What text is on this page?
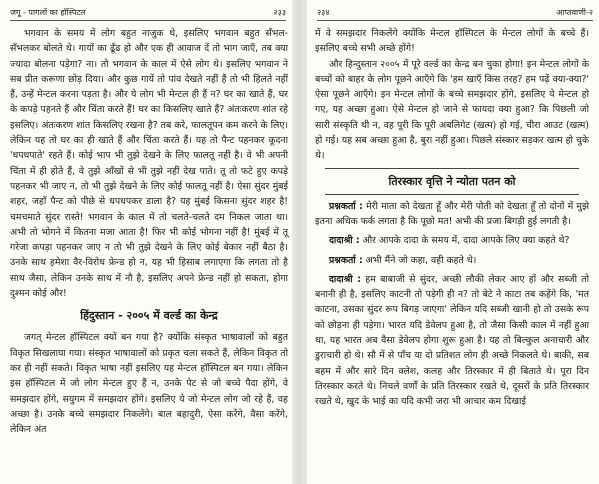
जगू - पागलों का हॉस्पिटल	२३३

भगवान के समय में लोग बहुत नाजुक थे, इसलिए भगवान बहुत सँभल-सँभलकर बोलते थे। गायों का ढूँढ हो और एक ही आवाज दें तो भाग जाएँ, तब क्या ज्यादा बोलना पड़ेगा? ना। तो भगवान के काल में ऐसे लोग थे। इसलिए भगवान ने सब प्रीत करूणा छोड़ दिया। और कुछ गायें तो पांव देखते नहीं हैं तो भी हिलते नहीं हैं, उन्हें मेन्टल करना पड़ता है। और ये लोग भी मेन्टल ही हैं न? घर का खाते हैं, घर के कपड़े पहनते हैं और चिंता करते हैं! घर का किसलिए खाते हैं? अंतःकरण शांत रहे इसलिए। अंतःकरण शांत किसलिए रखना है? तब करे, फालतूपन कम करने के लिए। लेकिन यह तो घर का ही खाते हैं और चिंता करते हैं। यह तो पैन्ट पहनकर कूदना 'धपधपाते' रहते हैं। कोई भाप भी तुझे देखने के लिए फालतू नहीं है। वे भी अपनी चिंता में ही होते हैं, वे तुझे आँखों से भी तुझे नहीं देख पाते। तू तो फटे हुए कपड़े पहनकर भी जाए न, तो भी तुझे देखने के लिए कोई फालतू नहीं है। ऐसा सुंदर मुंबई शहर, जहाँ पैन्ट को पीछे से धपधपकर डाला है? यह मुंबई किसना सुंदर शहर है! चमचमाते सुंदर रास्ते! भगवान के काल में तो चलते-चलते दम निकल जाता था। अभी तो भोगने में कितना मजा आता है! फिर भी कोई भोगना नहीं है! मुंबई में तू गरेजा कपड़ा पहनकर जाए न तो भी तुझे देखने के लिए कोई बेकार नहीं बैठा है। उनके साथ हमेशा वैर-विरोध फ्रेन्ड हो न, यह भी हिसाब लगाएगा कि लगता तो है साथ जैसा, लेकिन उनके साथ में नौ है, इसलिए अपने फ्रेन्ड नहीं हो सकता, होगा दुश्मन कोई और!

हिंदुस्तान - २००५ में वर्ल्ड का केन्द्र

जगत् मेन्टल हॉस्पिटल क्यों बन गया है? क्योंकि संस्कृत भाषावालों को बहुत विकृत सिखलाया गया। संस्कृत भाषावालों को प्रकृत चला सकते हैं, लेकिन विकृत तो कर ही नहीं सकते। विकृत भाषा नहीं इसलिए यह मेन्टल हॉस्पिटल बन गया। लेकिन इस हॉस्पिटल में जो लोग मेन्टल हुए हैं न, उनके पेट से जो बच्चे पैदा होंगे, वे समझदार होंगे, सयुगम में समझदार होंगे। इसलिए ये जो मेन्टल लोग जो रहे हैं, वह अच्छा है। उनके बच्चे समझदार निकलेंगे। बाल बहादुरी, ऐसा करेंगे, वैसा करेंगे, लेकिन अंत

२३४	आप्तवाणी-२

में वे समझदार निकलेंगे क्योंकि मेन्टल हॉस्पिटल के मेन्टल लोगों के बच्चे हैं। इसलिए बच्चे सभी अच्छे होंगे!

और हिन्दुस्तान २००५ में पूरे वर्ल्ड का केन्द्र बन चुका होगा! इन मेन्टल लोगों के बच्चों को बाहर के लोग पूछने आएँगे कि 'हम खाएँ किस तरह? हम पढ़ें क्या-क्या?' ऐसा पूछने आएँगे। इन मेन्टल लोगों के बच्चे समझदार होंगे, इसलिए ये मेन्टल हो गए, यह अच्छा हुआ। ऐसे मेन्टल हो जाने से फायदा क्या हुआ? कि पिछली जो सारी संस्कृति थी न, वह पूरी कि पूरी अबलिगेट (खत्म) हो गई, चीरा आउट (खत्म) हो गई। यह सब अच्छा हुआ है, बुरा नहीं हुआ। पिछले संस्कार सड़कर खत्म हो चुके थे।

तिरस्कार वृत्ति ने न्योता पतन को

प्रश्नकर्ता : मेरी माता को देखता हूँ और मेरी पोती को देखता हूँ तो दोनों में मुझे इतना अधिक फर्क लगता है कि पूछो मत! अभी की प्रजा बिगड़ी हुई लगती है।

दादाश्री : और आपके दादा के समय में, दादा आपके लिए क्या कहते थे?

प्रश्नकर्ता : अभी मैंने जो कहा, वही कहते थे।

दादाश्री : हम बाबाजी से सुंदर, अच्छी लौकी लेकर आए हों और सब्जी तो बनानी ही है, इसलिए काटनी तो पड़ेगी ही न? तो बेटे ने काटा तब कहेंगे कि, 'मत काटना, उसका सुंदर रूप बिगड़ जाएगा' लेकिन यदि सब्जी खानी हो तो उसके रूप को छोड़ना ही पड़ेगा। भारत यदि डेवेलप हुआ है, तो जैसा किसी काल में नहीं हुआ था, यह भारत अब वैसा डेवेलप होगा शुरू हुआ है। यह तो बिल्कुल अनाचारी और डुराचारी हो थे। सौ में से पाँच या दो प्रतिशत लोग ही अच्छे निकलते थे। बाकी, सब बहम में और सारे दिन क्लेश, कलह और तिरस्कार में ही बिताते थे। पूरा दिन तिरस्कार करते थे। निचले वर्णों के प्रति तिरस्कार रखते थे, दूसरों के प्रति तिरस्कार रखते थे, खुद के भाई का यदि कभी जरा भी आचार कम दिखाई
